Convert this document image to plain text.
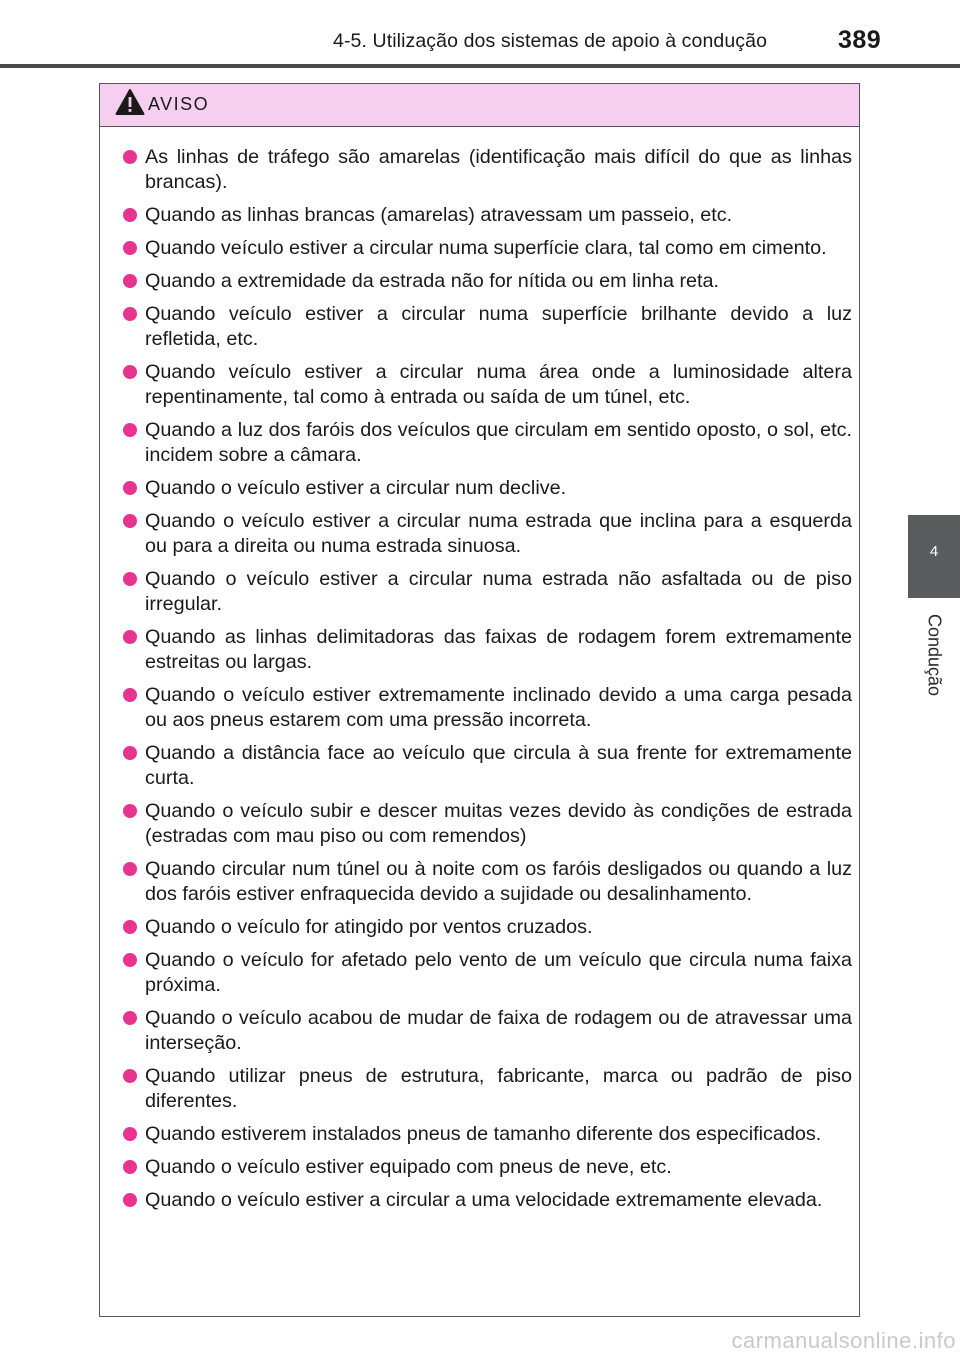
4-5. Utilização dos sistemas de apoio à condução	389
4
Condução
AVISO
As linhas de tráfego são amarelas (identificação mais difícil do que as linhas brancas).
Quando as linhas brancas (amarelas) atravessam um passeio, etc.
Quando veículo estiver a circular numa superfície clara, tal como em cimento.
Quando a extremidade da estrada não for nítida ou em linha reta.
Quando veículo estiver a circular numa superfície brilhante devido a luz refletida, etc.
Quando veículo estiver a circular numa área onde a luminosidade altera repentinamente, tal como à entrada ou saída de um túnel, etc.
Quando a luz dos faróis dos veículos que circulam em sentido oposto, o sol, etc. incidem sobre a câmara.
Quando o veículo estiver a circular num declive.
Quando o veículo estiver a circular numa estrada que inclina para a esquerda ou para a direita ou numa estrada sinuosa.
Quando o veículo estiver a circular numa estrada não asfaltada ou de piso irregular.
Quando as linhas delimitadoras das faixas de rodagem forem extremamente estreitas ou largas.
Quando o veículo estiver extremamente inclinado devido a uma carga pesada ou aos pneus estarem com uma pressão incorreta.
Quando a distância face ao veículo que circula à sua frente for extremamente curta.
Quando o veículo subir e descer muitas vezes devido às condições de estrada (estradas com mau piso ou com remendos)
Quando circular num túnel ou à noite com os faróis desligados ou quando a luz dos faróis estiver enfraquecida devido a sujidade ou desalinhamento.
Quando o veículo for atingido por ventos cruzados.
Quando o veículo for afetado pelo vento de um veículo que circula numa faixa próxima.
Quando o veículo acabou de mudar de faixa de rodagem ou de atravessar uma interseção.
Quando utilizar pneus de estrutura, fabricante, marca ou padrão de piso diferentes.
Quando estiverem instalados pneus de tamanho diferente dos especificados.
Quando o veículo estiver equipado com pneus de neve, etc.
Quando o veículo estiver a circular a uma velocidade extremamente elevada.
carmanualsonline.info
